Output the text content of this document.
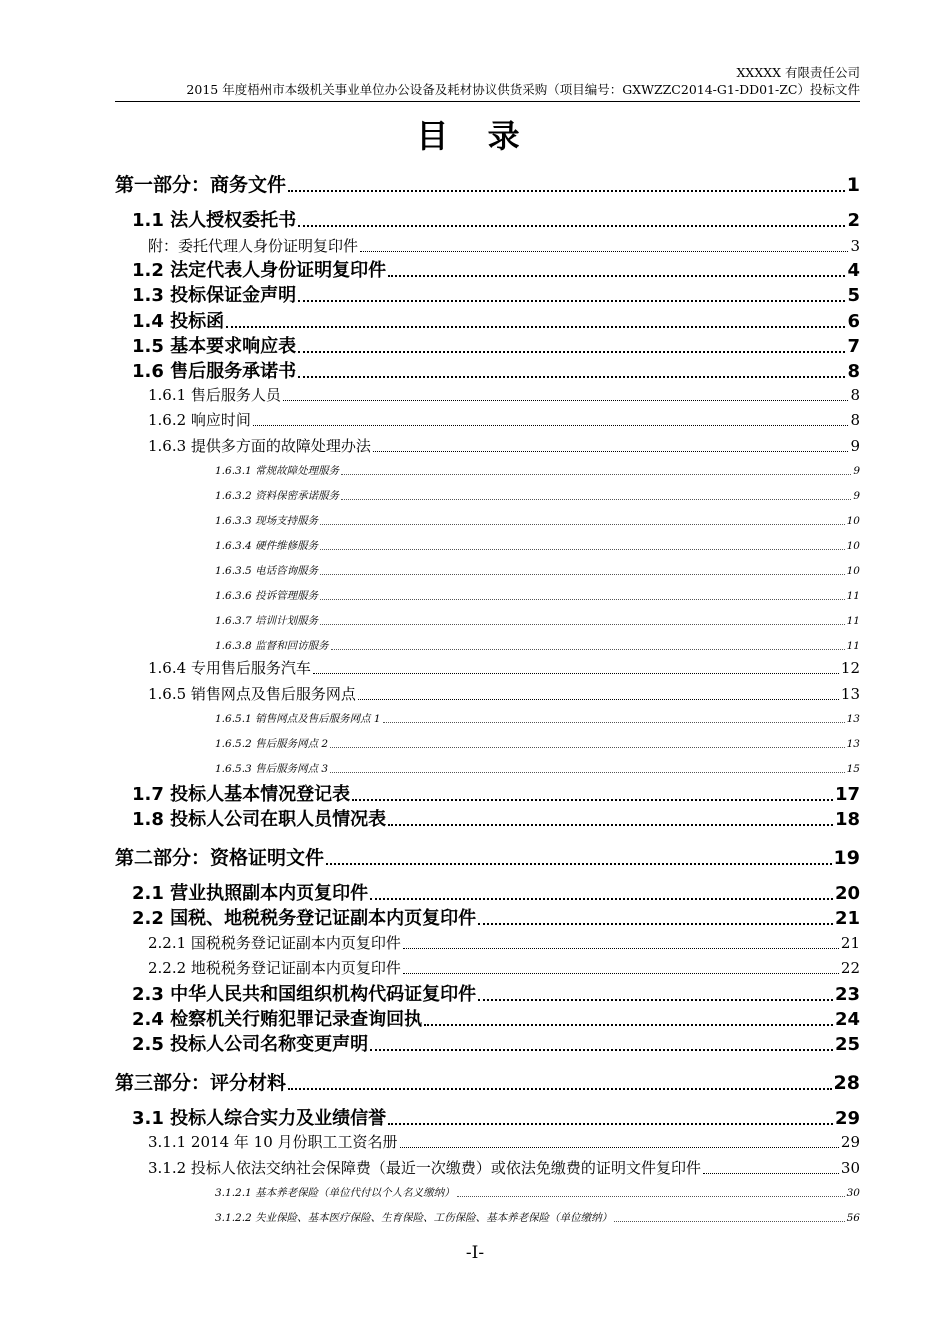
XXXXX 有限责任公司
2015 年度梧州市本级机关事业单位办公设备及耗材协议供货采购（项目编号：GXWZZC2014-G1-DD01-ZC）投标文件
目 录
第一部分：商务文件	1
1.1 法人授权委托书	2
附：委托代理人身份证明复印件	3
1.2 法定代表人身份证明复印件	4
1.3 投标保证金声明	5
1.4 投标函	6
1.5 基本要求响应表	7
1.6 售后服务承诺书	8
1.6.1 售后服务人员	8
1.6.2 响应时间	8
1.6.3 提供多方面的故障处理办法	9
1.6.3.1 常规故障处理服务	9
1.6.3.2 资料保密承诺服务	9
1.6.3.3 现场支持服务	10
1.6.3.4 硬件维修服务	10
1.6.3.5 电话咨询服务	10
1.6.3.6 投诉管理服务	11
1.6.3.7 培训计划服务	11
1.6.3.8 监督和回访服务	11
1.6.4 专用售后服务汽车	12
1.6.5 销售网点及售后服务网点	13
1.6.5.1 销售网点及售后服务网点 1	13
1.6.5.2 售后服务网点 2	13
1.6.5.3 售后服务网点 3	15
1.7 投标人基本情况登记表	17
1.8 投标人公司在职人员情况表	18
第二部分：资格证明文件	19
2.1 营业执照副本内页复印件	20
2.2 国税、地税税务登记证副本内页复印件	21
2.2.1 国税税务登记证副本内页复印件	21
2.2.2 地税税务登记证副本内页复印件	22
2.3 中华人民共和国组织机构代码证复印件	23
2.4 检察机关行贿犯罪记录查询回执	24
2.5 投标人公司名称变更声明	25
第三部分：评分材料	28
3.1 投标人综合实力及业绩信誉	29
3.1.1 2014 年 10 月份职工工资名册	29
3.1.2 投标人依法交纳社会保障费（最近一次缴费）或依法免缴费的证明文件复印件	30
3.1.2.1 基本养老保险（单位代付以个人名义缴纳）	30
3.1.2.2 失业保险、基本医疗保险、生育保险、工伤保险、基本养老保险（单位缴纳）	56
-I-
